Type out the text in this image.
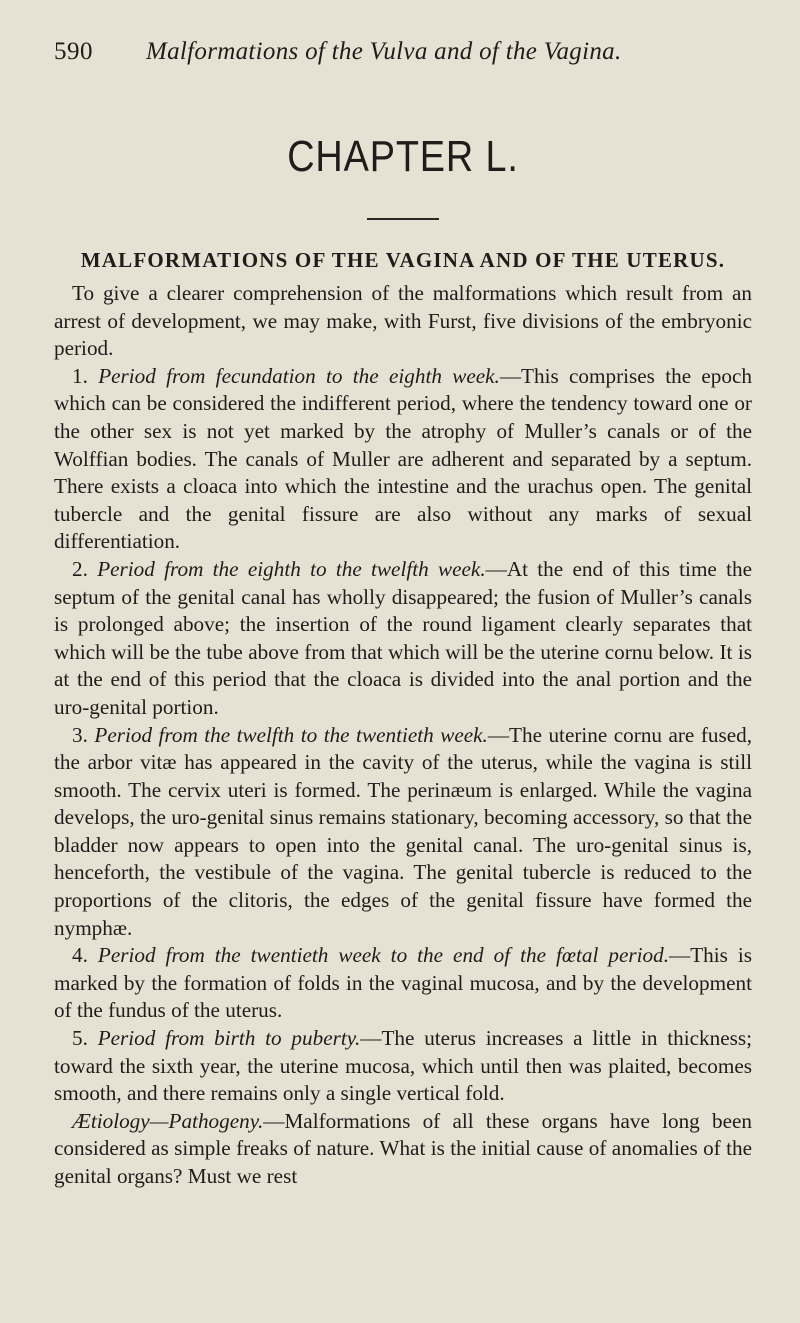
590	Malformations of the Vulva and of the Vagina.
CHAPTER L.
MALFORMATIONS OF THE VAGINA AND OF THE UTERUS.

To give a clearer comprehension of the malformations which result from an arrest of development, we may make, with Furst, five divisions of the embryonic period.

1. Period from fecundation to the eighth week.—This comprises the epoch which can be considered the indifferent period, where the tendency toward one or the other sex is not yet marked by the atrophy of Muller’s canals or of the Wolffian bodies. The canals of Muller are adherent and separated by a septum. There exists a cloaca into which the intestine and the urachus open. The genital tubercle and the genital fissure are also without any marks of sexual differentiation.

2. Period from the eighth to the twelfth week.—At the end of this time the septum of the genital canal has wholly disappeared; the fusion of Muller’s canals is prolonged above; the insertion of the round ligament clearly separates that which will be the tube above from that which will be the uterine cornu below. It is at the end of this period that the cloaca is divided into the anal portion and the uro-genital portion.

3. Period from the twelfth to the twentieth week.—The uterine cornu are fused, the arbor vitæ has appeared in the cavity of the uterus, while the vagina is still smooth. The cervix uteri is formed. The perinæum is enlarged. While the vagina develops, the uro-genital sinus remains stationary, becoming accessory, so that the bladder now appears to open into the genital canal. The uro-genital sinus is, henceforth, the vestibule of the vagina. The genital tubercle is reduced to the proportions of the clitoris, the edges of the genital fissure have formed the nymphæ.

4. Period from the twentieth week to the end of the fœtal period.—This is marked by the formation of folds in the vaginal mucosa, and by the development of the fundus of the uterus.

5. Period from birth to puberty.—The uterus increases a little in thickness; toward the sixth year, the uterine mucosa, which until then was plaited, becomes smooth, and there remains only a single vertical fold.

Ætiology—Pathogeny.—Malformations of all these organs have long been considered as simple freaks of nature. What is the initial cause of anomalies of the genital organs? Must we rest
